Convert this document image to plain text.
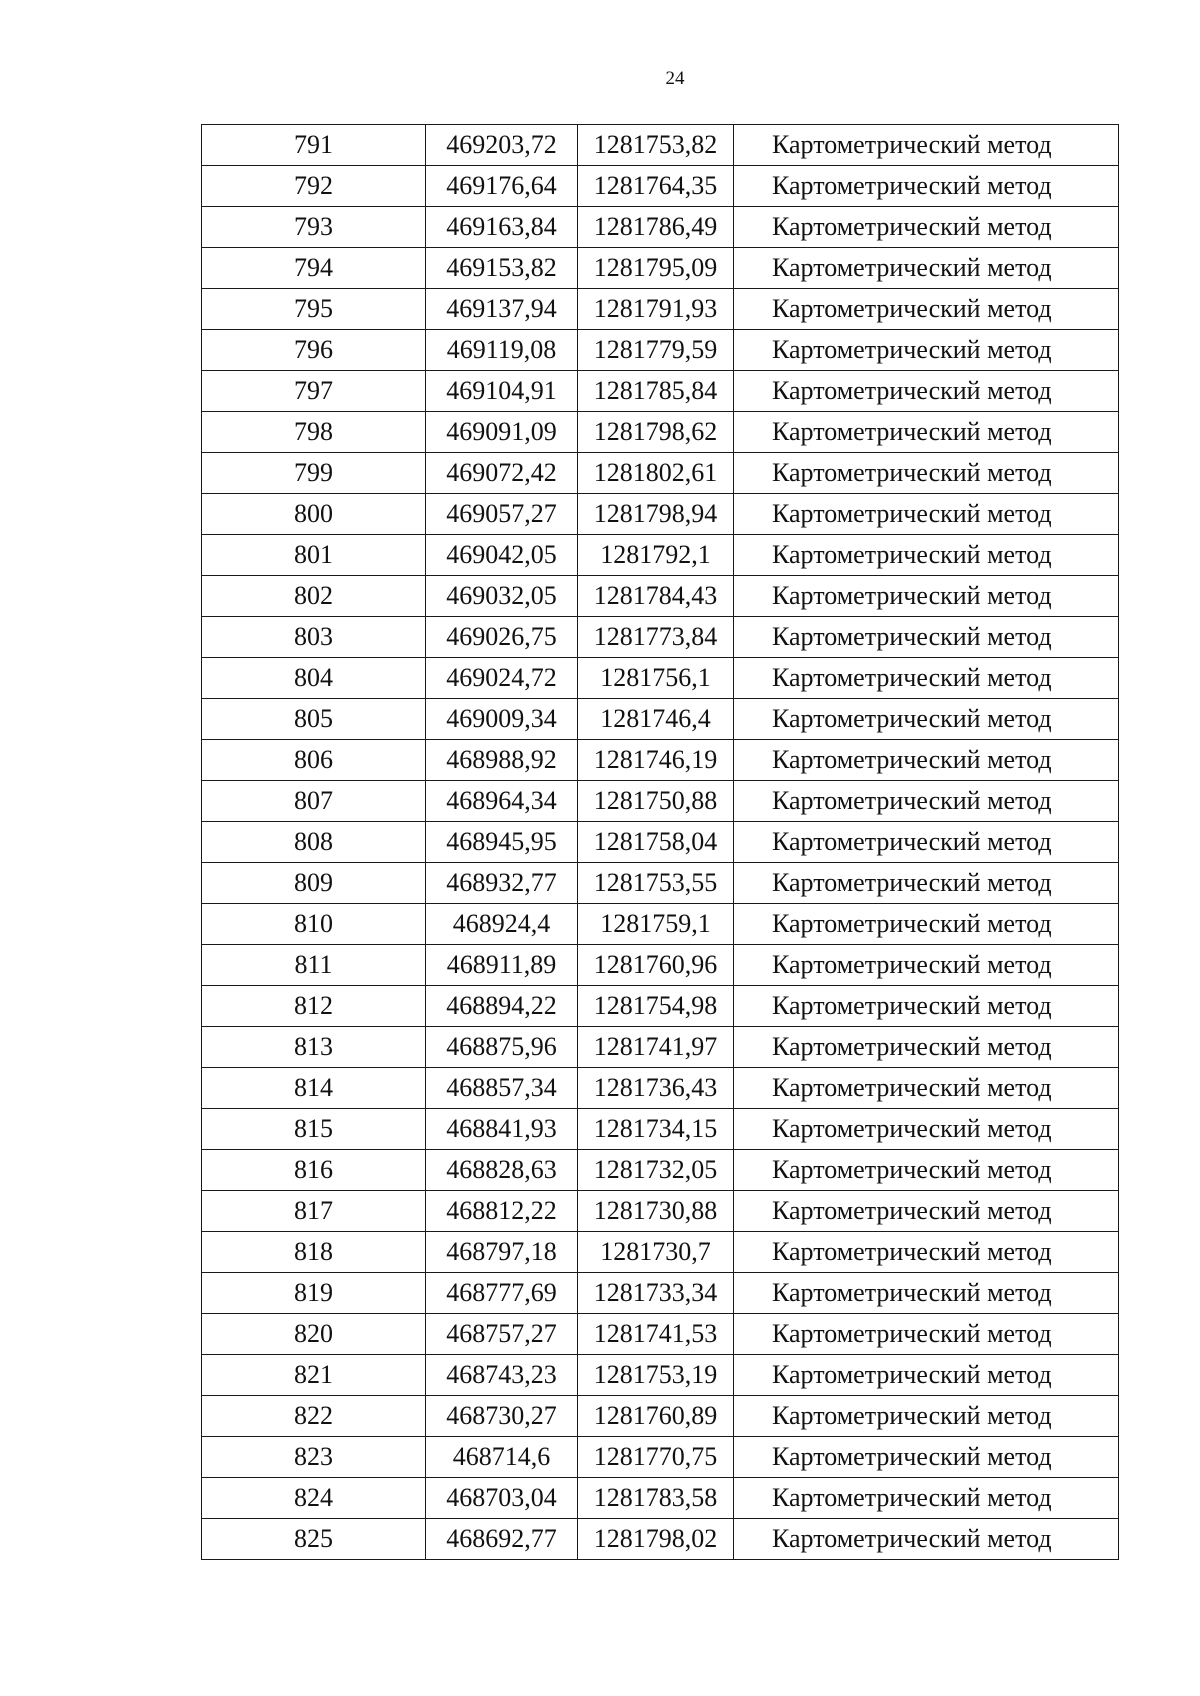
24
791	469203,72	1281753,82	Картометрический метод
792	469176,64	1281764,35	Картометрический метод
793	469163,84	1281786,49	Картометрический метод
794	469153,82	1281795,09	Картометрический метод
795	469137,94	1281791,93	Картометрический метод
796	469119,08	1281779,59	Картометрический метод
797	469104,91	1281785,84	Картометрический метод
798	469091,09	1281798,62	Картометрический метод
799	469072,42	1281802,61	Картометрический метод
800	469057,27	1281798,94	Картометрический метод
801	469042,05	1281792,1	Картометрический метод
802	469032,05	1281784,43	Картометрический метод
803	469026,75	1281773,84	Картометрический метод
804	469024,72	1281756,1	Картометрический метод
805	469009,34	1281746,4	Картометрический метод
806	468988,92	1281746,19	Картометрический метод
807	468964,34	1281750,88	Картометрический метод
808	468945,95	1281758,04	Картометрический метод
809	468932,77	1281753,55	Картометрический метод
810	468924,4	1281759,1	Картометрический метод
811	468911,89	1281760,96	Картометрический метод
812	468894,22	1281754,98	Картометрический метод
813	468875,96	1281741,97	Картометрический метод
814	468857,34	1281736,43	Картометрический метод
815	468841,93	1281734,15	Картометрический метод
816	468828,63	1281732,05	Картометрический метод
817	468812,22	1281730,88	Картометрический метод
818	468797,18	1281730,7	Картометрический метод
819	468777,69	1281733,34	Картометрический метод
820	468757,27	1281741,53	Картометрический метод
821	468743,23	1281753,19	Картометрический метод
822	468730,27	1281760,89	Картометрический метод
823	468714,6	1281770,75	Картометрический метод
824	468703,04	1281783,58	Картометрический метод
825	468692,77	1281798,02	Картометрический метод
